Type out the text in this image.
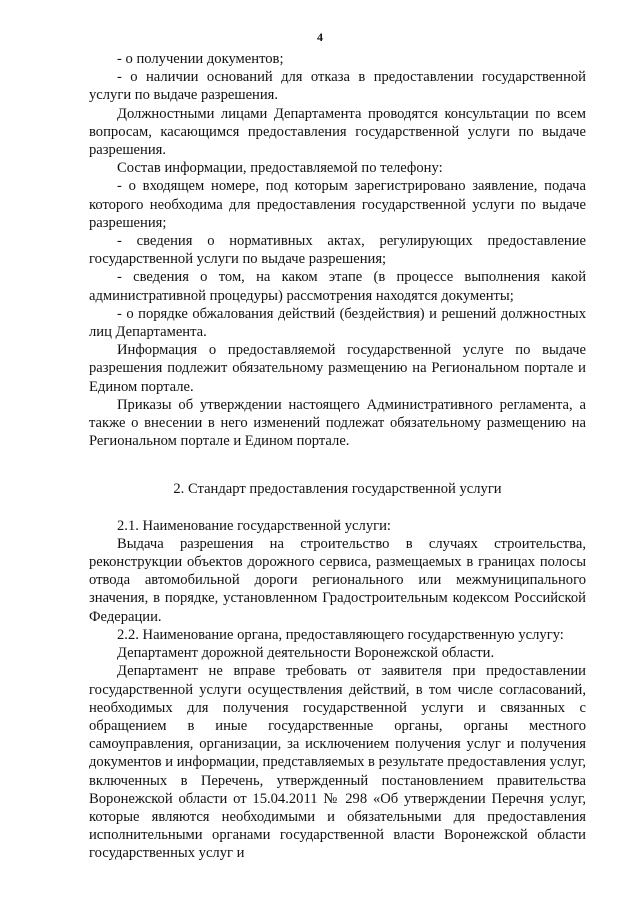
4

- о получении документов;

- о наличии оснований для отказа в предоставлении государственной услуги по выдаче разрешения.

Должностными лицами Департамента проводятся консультации по всем вопросам, касающимся предоставления государственной услуги по выдаче разрешения.

Состав информации, предоставляемой по телефону:

- о входящем номере, под которым зарегистрировано заявление, подача которого необходима для предоставления государственной услуги по выдаче разрешения;

- сведения о нормативных актах, регулирующих предоставление государственной услуги по выдаче разрешения;

- сведения о том, на каком этапе (в процессе выполнения какой административной процедуры) рассмотрения находятся документы;

- о порядке обжалования действий (бездействия) и решений должностных лиц Департамента.

Информация о предоставляемой государственной услуге по выдаче разрешения подлежит обязательному размещению на Региональном портале и Едином портале.

Приказы об утверждении настоящего Административного регламента, а также о внесении в него изменений подлежат обязательному размещению на Региональном портале и Едином портале.

2. Стандарт предоставления государственной услуги

2.1. Наименование государственной услуги:

Выдача разрешения на строительство в случаях строительства, реконструкции объектов дорожного сервиса, размещаемых в границах полосы отвода автомобильной дороги регионального или межмуниципального значения, в порядке, установленном Градостроительным кодексом Российской Федерации.

2.2. Наименование органа, предоставляющего государственную услугу:

Департамент дорожной деятельности Воронежской области.

Департамент не вправе требовать от заявителя при предоставлении государственной услуги осуществления действий, в том числе согласований, необходимых для получения государственной услуги и связанных с обращением в иные государственные органы, органы местного самоуправления, организации, за исключением получения услуг и получения документов и информации, представляемых в результате предоставления услуг, включенных в Перечень, утвержденный постановлением правительства Воронежской области от 15.04.2011 № 298 «Об утверждении Перечня услуг, которые являются необходимыми и обязательными для предоставления исполнительными органами государственной власти Воронежской области государственных услуг и
